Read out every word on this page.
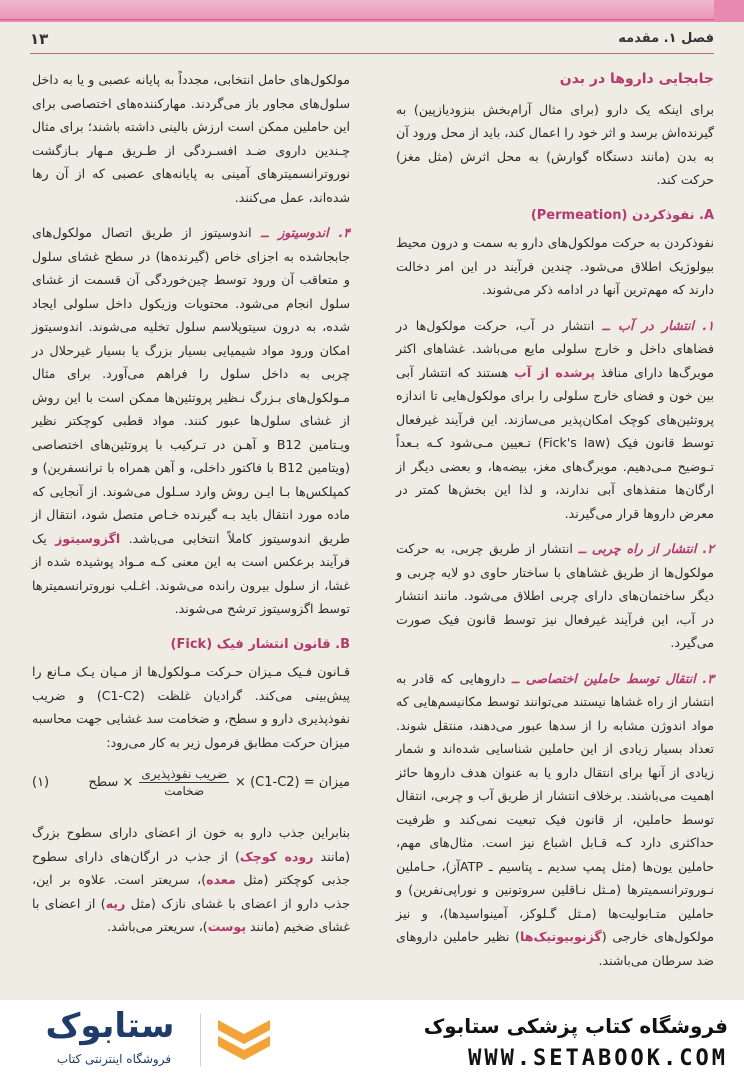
۱۳	فصل ۱. مقدمه
جابجایی داروها در بدن

برای اینکه یک دارو (برای مثال آرام‌بخش بنزودیازپین) به گیرنده‌اش برسد و اثر خود را اعمال کند، باید از محل ورود آن به بدن (مانند دستگاه گوارش) به محل اثرش (مثل مغز) حرکت کند.

A. نفوذکردن (Permeation)

نفوذکردن به حرکت مولکول‌های دارو به سمت و درون محیط بیولوژیک اطلاق می‌شود. چندین فرآیند در این امر دخالت دارند که مهم‌ترین آنها در ادامه ذکر می‌شوند.

۱. انتشار در آب ــ انتشار در آب، حرکت مولکول‌ها در فضاهای داخل و خارج سلولی مایع می‌باشد. غشاهای اکثر مویرگ‌ها دارای منافذ پرشده از آب هستند که انتشار آبی بین خون و فضای خارج سلولی را برای مولکول‌هایی تا اندازه پروتئین‌های کوچک امکان‌پذیر می‌سازند. این فرآیند غیرفعال توسط قانون فیک (Fick's law) تـعیین مـی‌شود کـه بـعداً تـوضیح مـی‌دهیم. مویرگ‌های مغز، بیضه‌ها، و بعضی دیگر از ارگان‌ها منفذهای آبی ندارند، و لذا این بخش‌ها کمتر در معرض داروها قرار می‌گیرند.

۲. انتشار از راه چربی ــ انتشار از طریق چربی، به حرکت مولکول‌ها از طریق غشاهای با ساختار حاوی دو لایه چربی و دیگر ساختمان‌های دارای چربی اطلاق می‌شود. مانند انتشار در آب، این فرآیند غیرفعال نیز توسط قانون فیک صورت می‌گیرد.

۳. انتقال توسط حاملین اختصاصی ــ داروهایی که قادر به انتشار از راه غشاها نیستند می‌توانند توسط مکانیسم‌هایی که مواد اندوژن مشابه را از سدها عبور می‌دهند، منتقل شوند. تعداد بسیار زیادی از این حاملین شناسایی شده‌اند و شمار زیادی از آنها برای انتقال دارو یا به عنوان هدف داروها حائز اهمیت می‌باشند. برخلاف انتشار از طریق آب و چربی، انتقال توسط حاملین، از قانون فیک تبعیت نمی‌کند و ظرفیت حداکثری دارد کـه قـابل اشباع نیز است. مثال‌های مهم، حاملین یون‌ها (مثل پمپ سدیم ـ پتاسیم ـ ATPآز)، حـاملین نـوروترانسمیترها (مـثل نـاقلین سروتونین و نوراپی‌نفرین) و حاملین متـابولیت‌ها (مـثل گـلوکز، آمینواسیدها)، و نیز مولکول‌های خارجی (گزنوبیوتیک‌ها) نظیر حاملین داروهای ضد سرطان می‌باشند.

مولکول‌های حامل انتخابی، مجدداً به پایانه عصبی و یا به داخل سلول‌های مجاور باز می‌گردند. مهارکننده‌های اختصاصی برای این حاملین ممکن است ارزش بالینی داشته باشند؛ برای مثال چـندین داروی ضـد افسـردگی از طـریق مـهار بـازگشت نوروترانسمیترهای آمینی به پایانه‌های عصبی که از آن رها شده‌اند، عمل می‌کنند.

۴. اندوسیتوز ــ اندوسیتوز از طریق اتصال مولکول‌های جابجاشده به اجزای خاص (گیرنده‌ها) در سطح غشای سلول و متعاقب آن ورود توسط چین‌خوردگی آن قسمت از غشای سلول انجام می‌شود. محتویات وزیکول داخل سلولی ایجاد شده، به درون سیتوپلاسم سلول تخلیه می‌شوند. اندوسیتوز امکان ورود مواد شیمیایی بسیار بزرگ یا بسیار غیرحلال در چربی به داخل سلول را فراهم می‌آورد. برای مثال مـولکول‌های بـزرگ نـظیر پروتئین‌ها ممکن است با این روش از غشای سلول‌ها عبور کنند. مواد قطبی کوچکتر نظیر ویـتامین B12 و آهـن در تـرکیب با پروتئین‌های اختصاصی (ویتامین B12 با فاکتور داخلی، و آهن همراه با ترانسفرین) و کمپلکس‌ها بـا ایـن روش وارد سـلول می‌شوند. از آنجایی که ماده مورد انتقال باید بـه گیرنده خـاص متصل شود، انتقال از طریق اندوسیتوز کاملاً انتخابی می‌باشد. اگزوسیتوز یک فرآیند برعکس است به این معنی کـه مـواد پوشیده شده از غشا، از سلول بیرون رانده می‌شوند. اغـلب نوروترانسمیترها توسط اگزوسیتوز ترشح می‌شوند.

B. قانون انتشار فیک (Fick)

قـانون فـیک مـیزان حـرکت مـولکول‌ها از مـیان یـک مـانع را پیش‌بینی می‌کند. گرادیان غلظت (C1-C2) و ضریب نفوذپذیری دارو و سطح، و ضخامت سد غشایی جهت محاسبه میزان حرکت مطابق فرمول زیر به کار می‌رود:

(۱)	میزان = (C1-C2) ×
$\frac{\text{ضریب نفوذپذیری}}{\text{ضخامت}}$
× سطح

بنابراین جذب دارو به خون از اعضای دارای سطوح بزرگ (مانند روده کوچک) از جذب در ارگان‌های دارای سطوح جذبی کوچکتر (مثل معده)، سریعتر است. علاوه بر این، جذب دارو از اعضای با غشای نازک (مثل ریه) از اعضای با غشای ضخیم (مانند پوست)، سریعتر می‌باشد.

ستابوک
فروشگاه اینترنتی کتاب
فروشگاه کتاب پزشکی ستابوک
WWW.SETABOOK.COM
